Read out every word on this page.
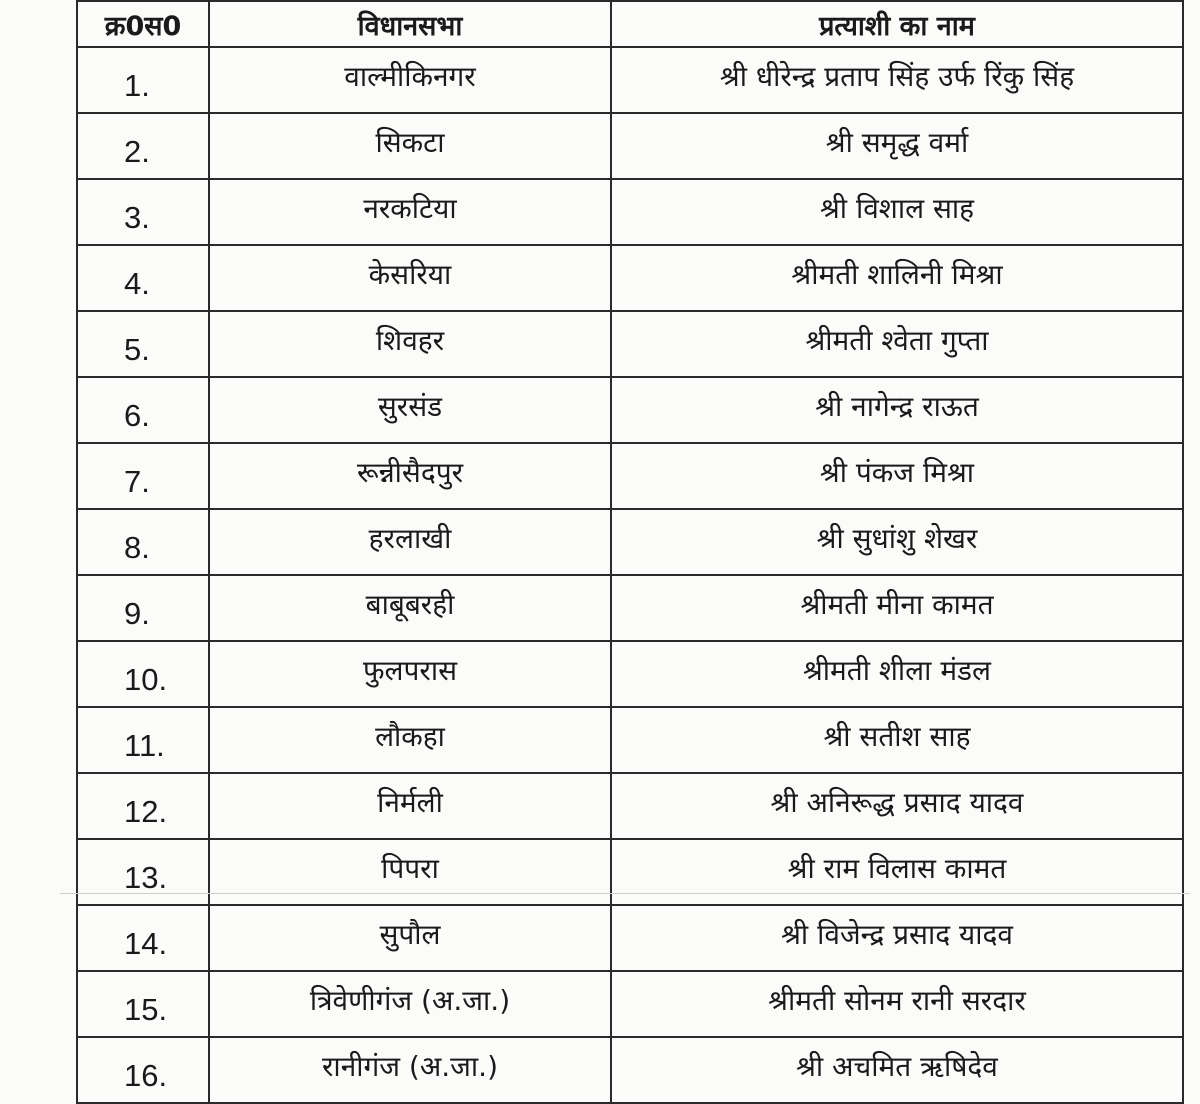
क्र0स0	विधानसभा	प्रत्याशी का नाम
1.	वाल्मीकिनगर	श्री धीरेन्द्र प्रताप सिंह उर्फ रिंकु सिंह
2.	सिकटा	श्री समृद्ध वर्मा
3.	नरकटिया	श्री विशाल साह
4.	केसरिया	श्रीमती शालिनी मिश्रा
5.	शिवहर	श्रीमती श्वेता गुप्ता
6.	सुरसंड	श्री नागेन्द्र राऊत
7.	रून्नीसैदपुर	श्री पंकज मिश्रा
8.	हरलाखी	श्री सुधांशु शेखर
9.	बाबूबरही	श्रीमती मीना कामत
10.	फुलपरास	श्रीमती शीला मंडल
11.	लौकहा	श्री सतीश साह
12.	निर्मली	श्री अनिरूद्ध प्रसाद यादव
13.	पिपरा	श्री राम विलास कामत
14.	सुपौल	श्री विजेन्द्र प्रसाद यादव
15.	त्रिवेणीगंज (अ.जा.)	श्रीमती सोनम रानी सरदार
16.	रानीगंज (अ.जा.)	श्री अचमित ऋषिदेव
